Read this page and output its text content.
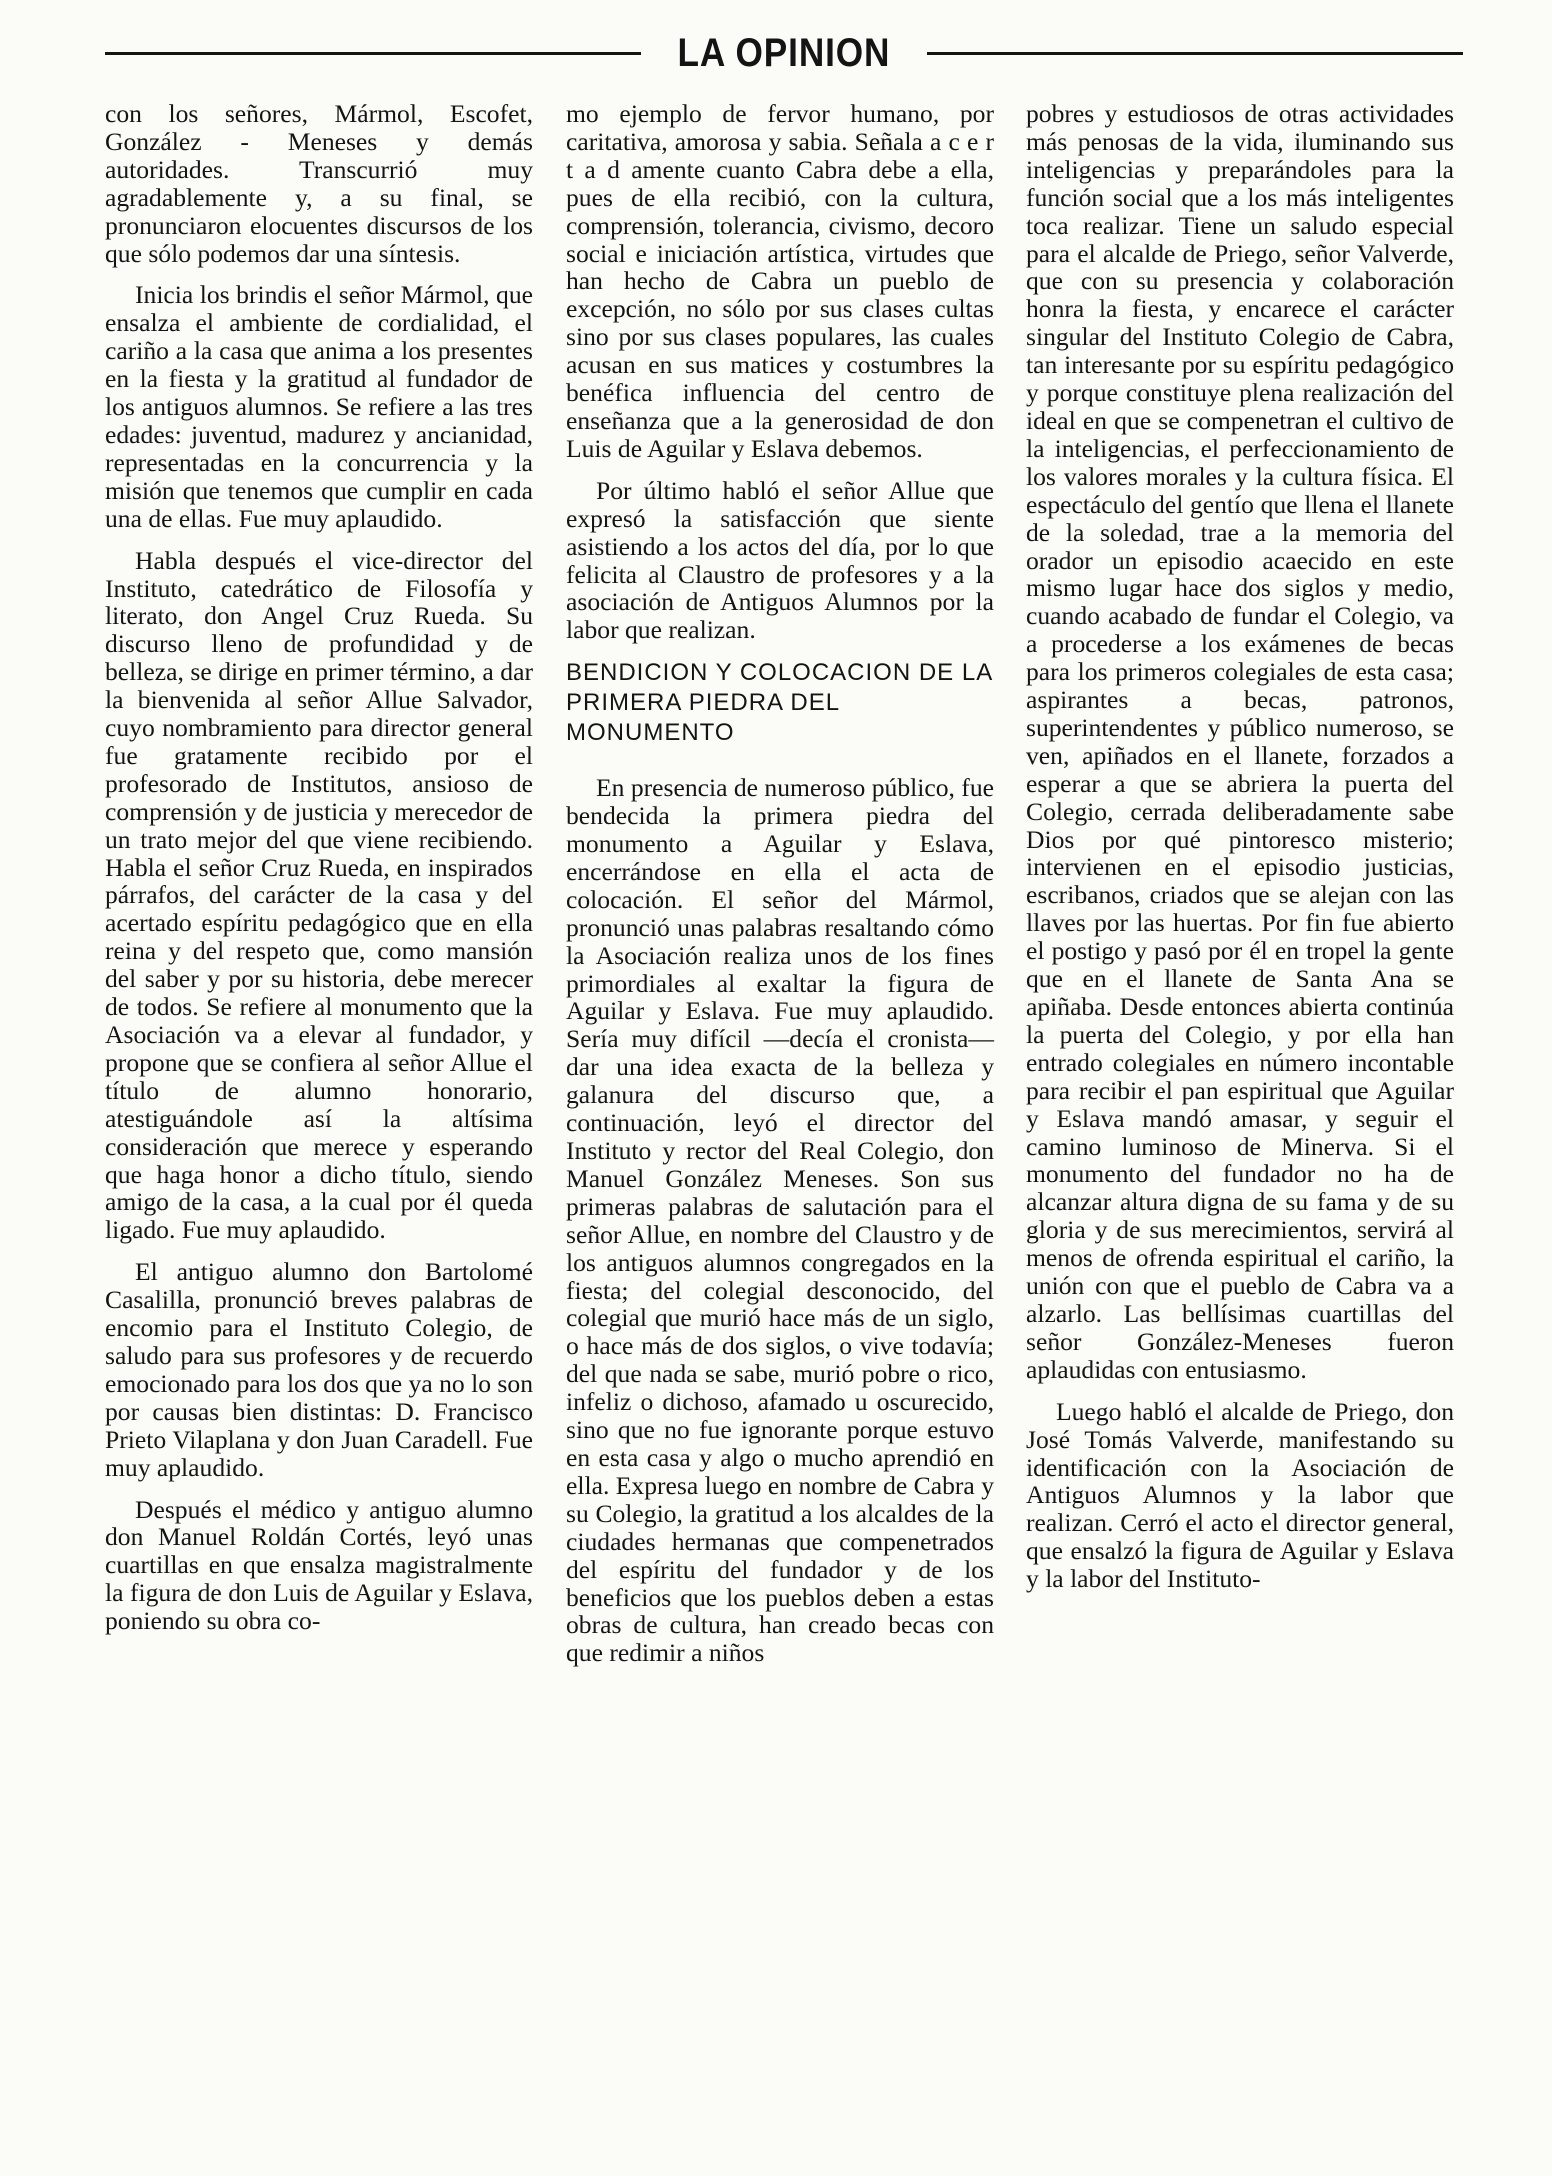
LA OPINION

con los señores, Mármol, Escofet, González - Meneses y demás autoridades. Transcurrió muy agradablemente y, a su final, se pronunciaron elocuentes discursos de los que sólo podemos dar una síntesis.

Inicia los brindis el señor Mármol, que ensalza el ambiente de cordialidad, el cariño a la casa que anima a los presentes en la fiesta y la gratitud al fundador de los antiguos alumnos. Se refiere a las tres edades: juventud, madurez y ancianidad, representadas en la concurrencia y la misión que tenemos que cumplir en cada una de ellas. Fue muy aplaudido.

Habla después el vice-director del Instituto, catedrático de Filosofía y literato, don Angel Cruz Rueda. Su discurso lleno de profundidad y de belleza, se dirige en primer término, a dar la bienvenida al señor Allue Salvador, cuyo nombramiento para director general fue gratamente recibido por el profesorado de Institutos, ansioso de comprensión y de justicia y merecedor de un trato mejor del que viene recibiendo. Habla el señor Cruz Rueda, en inspirados párrafos, del carácter de la casa y del acertado espíritu pedagógico que en ella reina y del respeto que, como mansión del saber y por su historia, debe merecer de todos. Se refiere al monumento que la Asociación va a elevar al fundador, y propone que se confiera al señor Allue el título de alumno honorario, atestiguándole así la altísima consideración que merece y esperando que haga honor a dicho título, siendo amigo de la casa, a la cual por él queda ligado. Fue muy aplaudido.

El antiguo alumno don Bartolomé Casalilla, pronunció breves palabras de encomio para el Instituto Colegio, de saludo para sus profesores y de recuerdo emocionado para los dos que ya no lo son por causas bien distintas: D. Francisco Prieto Vilaplana y don Juan Caradell. Fue muy aplaudido.

Después el médico y antiguo alumno don Manuel Roldán Cortés, leyó unas cuartillas en que ensalza magistralmente la figura de don Luis de Aguilar y Eslava, poniendo su obra co-

mo ejemplo de fervor humano, por caritativa, amorosa y sabia. Señala a c e r t a d amente cuanto Cabra debe a ella, pues de ella recibió, con la cultura, comprensión, tolerancia, civismo, decoro social e iniciación artística, virtudes que han hecho de Cabra un pueblo de excepción, no sólo por sus clases cultas sino por sus clases populares, las cuales acusan en sus matices y costumbres la benéfica influencia del centro de enseñanza que a la generosidad de don Luis de Aguilar y Eslava debemos.

Por último habló el señor Allue que expresó la satisfacción que siente asistiendo a los actos del día, por lo que felicita al Claustro de profesores y a la asociación de Antiguos Alumnos por la labor que realizan.

BENDICION Y COLOCACION DE LA PRIMERA PIEDRA DEL MONUMENTO

En presencia de numeroso público, fue bendecida la primera piedra del monumento a Aguilar y Eslava, encerrándose en ella el acta de colocación. El señor del Mármol, pronunció unas palabras resaltando cómo la Asociación realiza unos de los fines primordiales al exaltar la figura de Aguilar y Eslava. Fue muy aplaudido. Sería muy difícil —decía el cronista— dar una idea exacta de la belleza y galanura del discurso que, a continuación, leyó el director del Instituto y rector del Real Colegio, don Manuel González Meneses. Son sus primeras palabras de salutación para el señor Allue, en nombre del Claustro y de los antiguos alumnos congregados en la fiesta; del colegial desconocido, del colegial que murió hace más de un siglo, o hace más de dos siglos, o vive todavía; del que nada se sabe, murió pobre o rico, infeliz o dichoso, afamado u oscurecido, sino que no fue ignorante porque estuvo en esta casa y algo o mucho aprendió en ella. Expresa luego en nombre de Cabra y su Colegio, la gratitud a los alcaldes de la ciudades hermanas que compenetrados del espíritu del fundador y de los beneficios que los pueblos deben a estas obras de cultura, han creado becas con que redimir a niños

pobres y estudiosos de otras actividades más penosas de la vida, iluminando sus inteligencias y preparándoles para la función social que a los más inteligentes toca realizar. Tiene un saludo especial para el alcalde de Priego, señor Valverde, que con su presencia y colaboración honra la fiesta, y encarece el carácter singular del Instituto Colegio de Cabra, tan interesante por su espíritu pedagógico y porque constituye plena realización del ideal en que se compenetran el cultivo de la inteligencias, el perfeccionamiento de los valores morales y la cultura física. El espectáculo del gentío que llena el llanete de la soledad, trae a la memoria del orador un episodio acaecido en este mismo lugar hace dos siglos y medio, cuando acabado de fundar el Colegio, va a procederse a los exámenes de becas para los primeros colegiales de esta casa; aspirantes a becas, patronos, superintendentes y público numeroso, se ven, apiñados en el llanete, forzados a esperar a que se abriera la puerta del Colegio, cerrada deliberadamente sabe Dios por qué pintoresco misterio; intervienen en el episodio justicias, escribanos, criados que se alejan con las llaves por las huertas. Por fin fue abierto el postigo y pasó por él en tropel la gente que en el llanete de Santa Ana se apiñaba. Desde entonces abierta continúa la puerta del Colegio, y por ella han entrado colegiales en número incontable para recibir el pan espiritual que Aguilar y Eslava mandó amasar, y seguir el camino luminoso de Minerva. Si el monumento del fundador no ha de alcanzar altura digna de su fama y de su gloria y de sus merecimientos, servirá al menos de ofrenda espiritual el cariño, la unión con que el pueblo de Cabra va a alzarlo. Las bellísimas cuartillas del señor González-Meneses fueron aplaudidas con entusiasmo.

Luego habló el alcalde de Priego, don José Tomás Valverde, manifestando su identificación con la Asociación de Antiguos Alumnos y la labor que realizan. Cerró el acto el director general, que ensalzó la figura de Aguilar y Eslava y la labor del Instituto-
